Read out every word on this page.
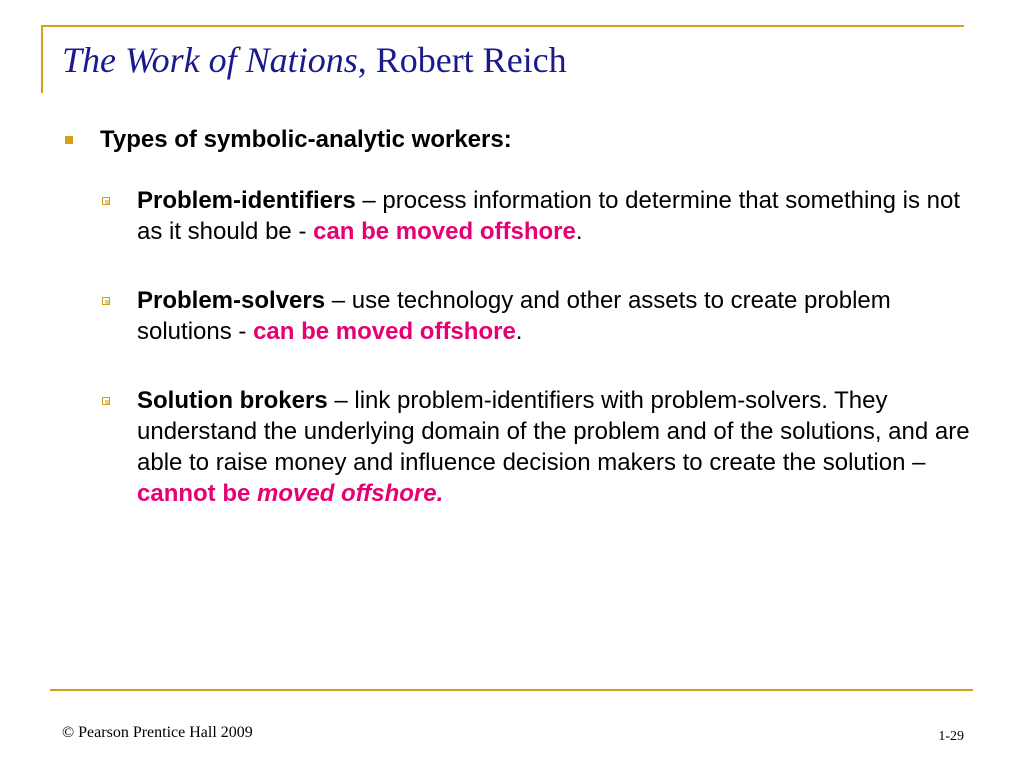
The Work of Nations, Robert Reich
Types of symbolic-analytic workers:
Problem-identifiers – process information to determine that something is not as it should be - can be moved offshore.
Problem-solvers – use technology and other assets to create problem solutions - can be moved offshore.
Solution brokers – link problem-identifiers with problem-solvers. They understand the underlying domain of the problem and of the solutions, and are able to raise money and influence decision makers to create the solution – cannot be moved offshore.
© Pearson Prentice Hall 2009	1-29
